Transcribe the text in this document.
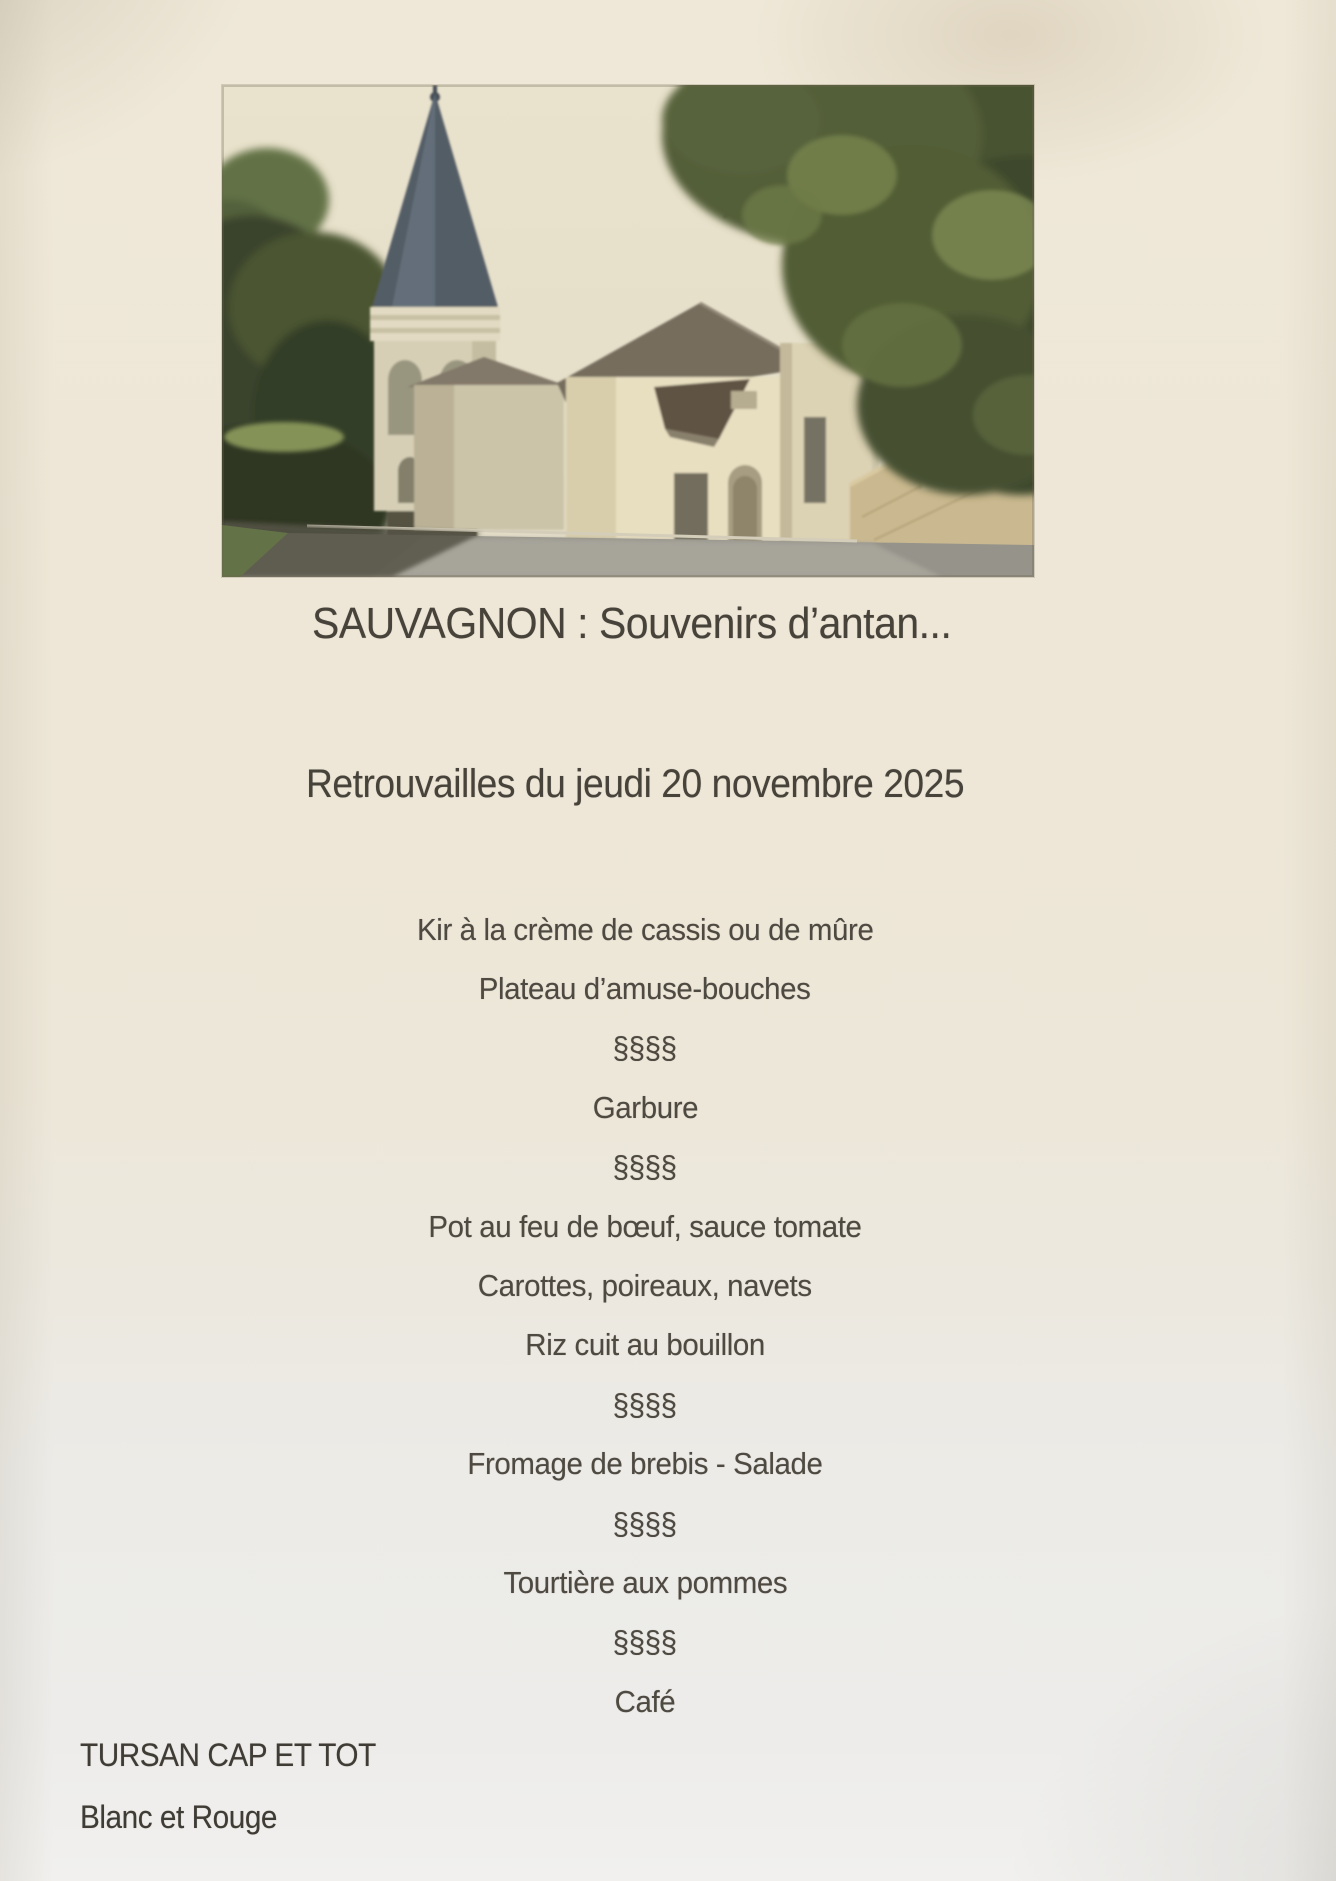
SAUVAGNON : Souvenirs d’antan...
Retrouvailles du jeudi 20 novembre 2025
Kir à la crème de cassis ou de mûre
Plateau d’amuse-bouches
§§§§
Garbure
§§§§
Pot au feu de bœuf, sauce tomate
Carottes, poireaux, navets
Riz cuit au bouillon
§§§§
Fromage de brebis - Salade
§§§§
Tourtière aux pommes
§§§§
Café
TURSAN CAP ET TOT
Blanc et Rouge
